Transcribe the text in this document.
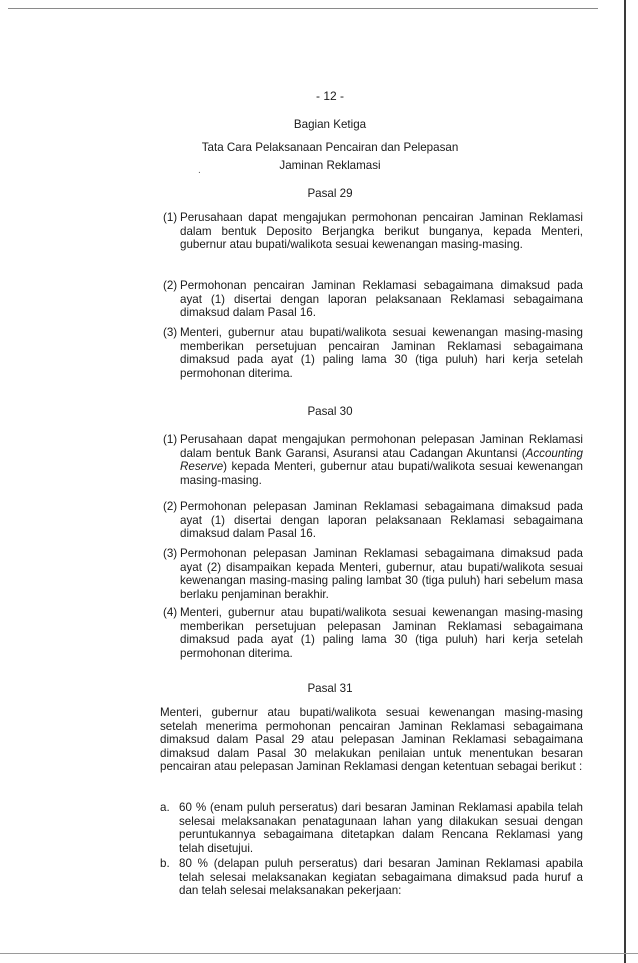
- 12 -
Bagian Ketiga
Tata Cara Pelaksanaan Pencairan dan Pelepasan
Jaminan Reklamasi
.
Pasal 29
(1) Perusahaan dapat mengajukan permohonan pencairan Jaminan Reklamasi dalam bentuk Deposito Berjangka berikut bunganya, kepada Menteri, gubernur atau bupati/walikota sesuai kewenangan masing-masing.
(2) Permohonan pencairan Jaminan Reklamasi sebagaimana dimaksud pada ayat (1) disertai dengan laporan pelaksanaan Reklamasi sebagaimana dimaksud dalam Pasal 16.
(3) Menteri, gubernur atau bupati/walikota sesuai kewenangan masing-masing memberikan persetujuan pencairan Jaminan Reklamasi sebagaimana dimaksud pada ayat (1) paling lama 30 (tiga puluh) hari kerja setelah permohonan diterima.
Pasal 30
(1) Perusahaan dapat mengajukan permohonan pelepasan Jaminan Reklamasi dalam bentuk Bank Garansi, Asuransi atau Cadangan Akuntansi (Accounting Reserve) kepada Menteri, gubernur atau bupati/walikota sesuai kewenangan masing-masing.
(2) Permohonan pelepasan Jaminan Reklamasi sebagaimana dimaksud pada ayat (1) disertai dengan laporan pelaksanaan Reklamasi sebagaimana dimaksud dalam Pasal 16.
(3) Permohonan pelepasan Jaminan Reklamasi sebagaimana dimaksud pada ayat (2) disampaikan kepada Menteri, gubernur, atau bupati/walikota sesuai kewenangan masing-masing paling lambat 30 (tiga puluh) hari sebelum masa berlaku penjaminan berakhir.
(4) Menteri, gubernur atau bupati/walikota sesuai kewenangan masing-masing memberikan persetujuan pelepasan Jaminan Reklamasi sebagaimana dimaksud pada ayat (1) paling lama 30 (tiga puluh) hari kerja setelah permohonan diterima.
Pasal 31
Menteri, gubernur atau bupati/walikota sesuai kewenangan masing-masing setelah menerima permohonan pencairan Jaminan Reklamasi sebagaimana dimaksud dalam Pasal 29 atau pelepasan Jaminan Reklamasi sebagaimana dimaksud dalam Pasal 30 melakukan penilaian untuk menentukan besaran pencairan atau pelepasan Jaminan Reklamasi dengan ketentuan sebagai berikut :
a. 60 % (enam puluh perseratus) dari besaran Jaminan Reklamasi apabila telah selesai melaksanakan penatagunaan lahan yang dilakukan sesuai dengan peruntukannya sebagaimana ditetapkan dalam Rencana Reklamasi yang telah disetujui.
b. 80 % (delapan puluh perseratus) dari besaran Jaminan Reklamasi apabila telah selesai melaksanakan kegiatan sebagaimana dimaksud pada huruf a dan telah selesai melaksanakan pekerjaan:
